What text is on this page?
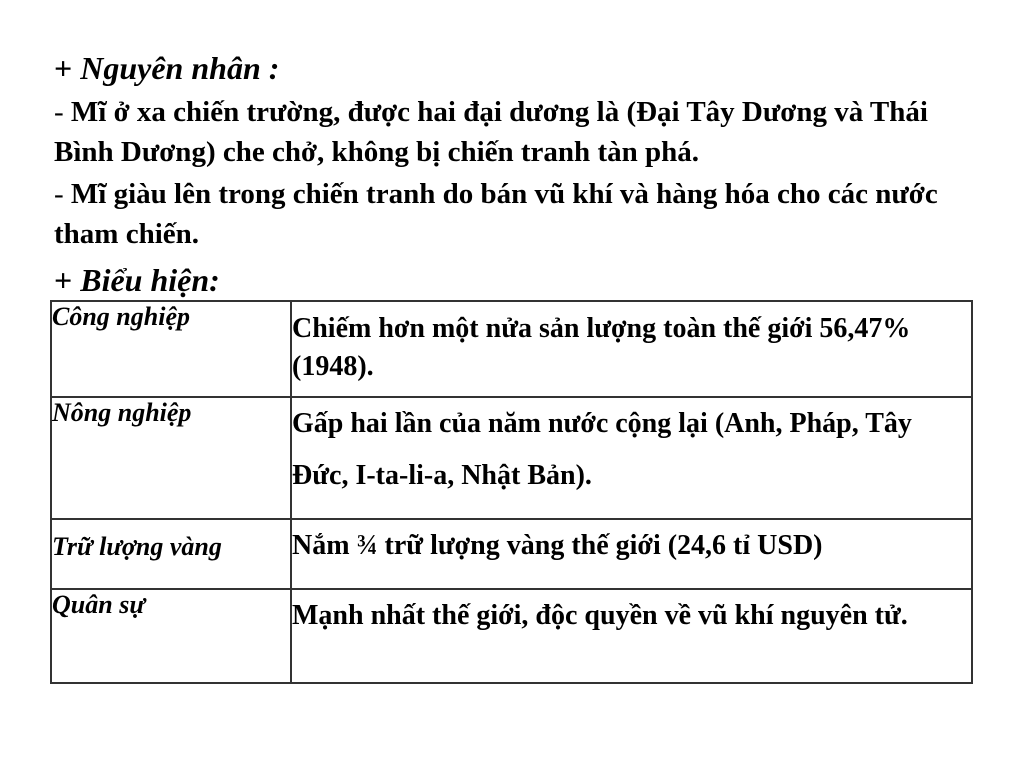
+ Nguyên nhân :

- Mĩ ở xa chiến trường, được hai đại dương là (Đại Tây Dương và Thái Bình Dương) che chở, không bị chiến tranh tàn phá.

- Mĩ giàu lên trong chiến tranh do bán vũ khí và hàng hóa cho các nước tham chiến.

+ Biểu hiện:
Công nghiệp	Chiếm hơn một nửa sản lượng toàn thế giới 56,47% (1948).
Nông nghiệp	Gấp hai lần của năm nước cộng lại (Anh, Pháp, Tây Đức, I-ta-li-a, Nhật Bản).
Trữ lượng vàng	Nắm ¾ trữ lượng vàng thế giới (24,6 tỉ USD)
Quân sự	Mạnh nhất thế giới, độc quyền về vũ khí nguyên tử.
